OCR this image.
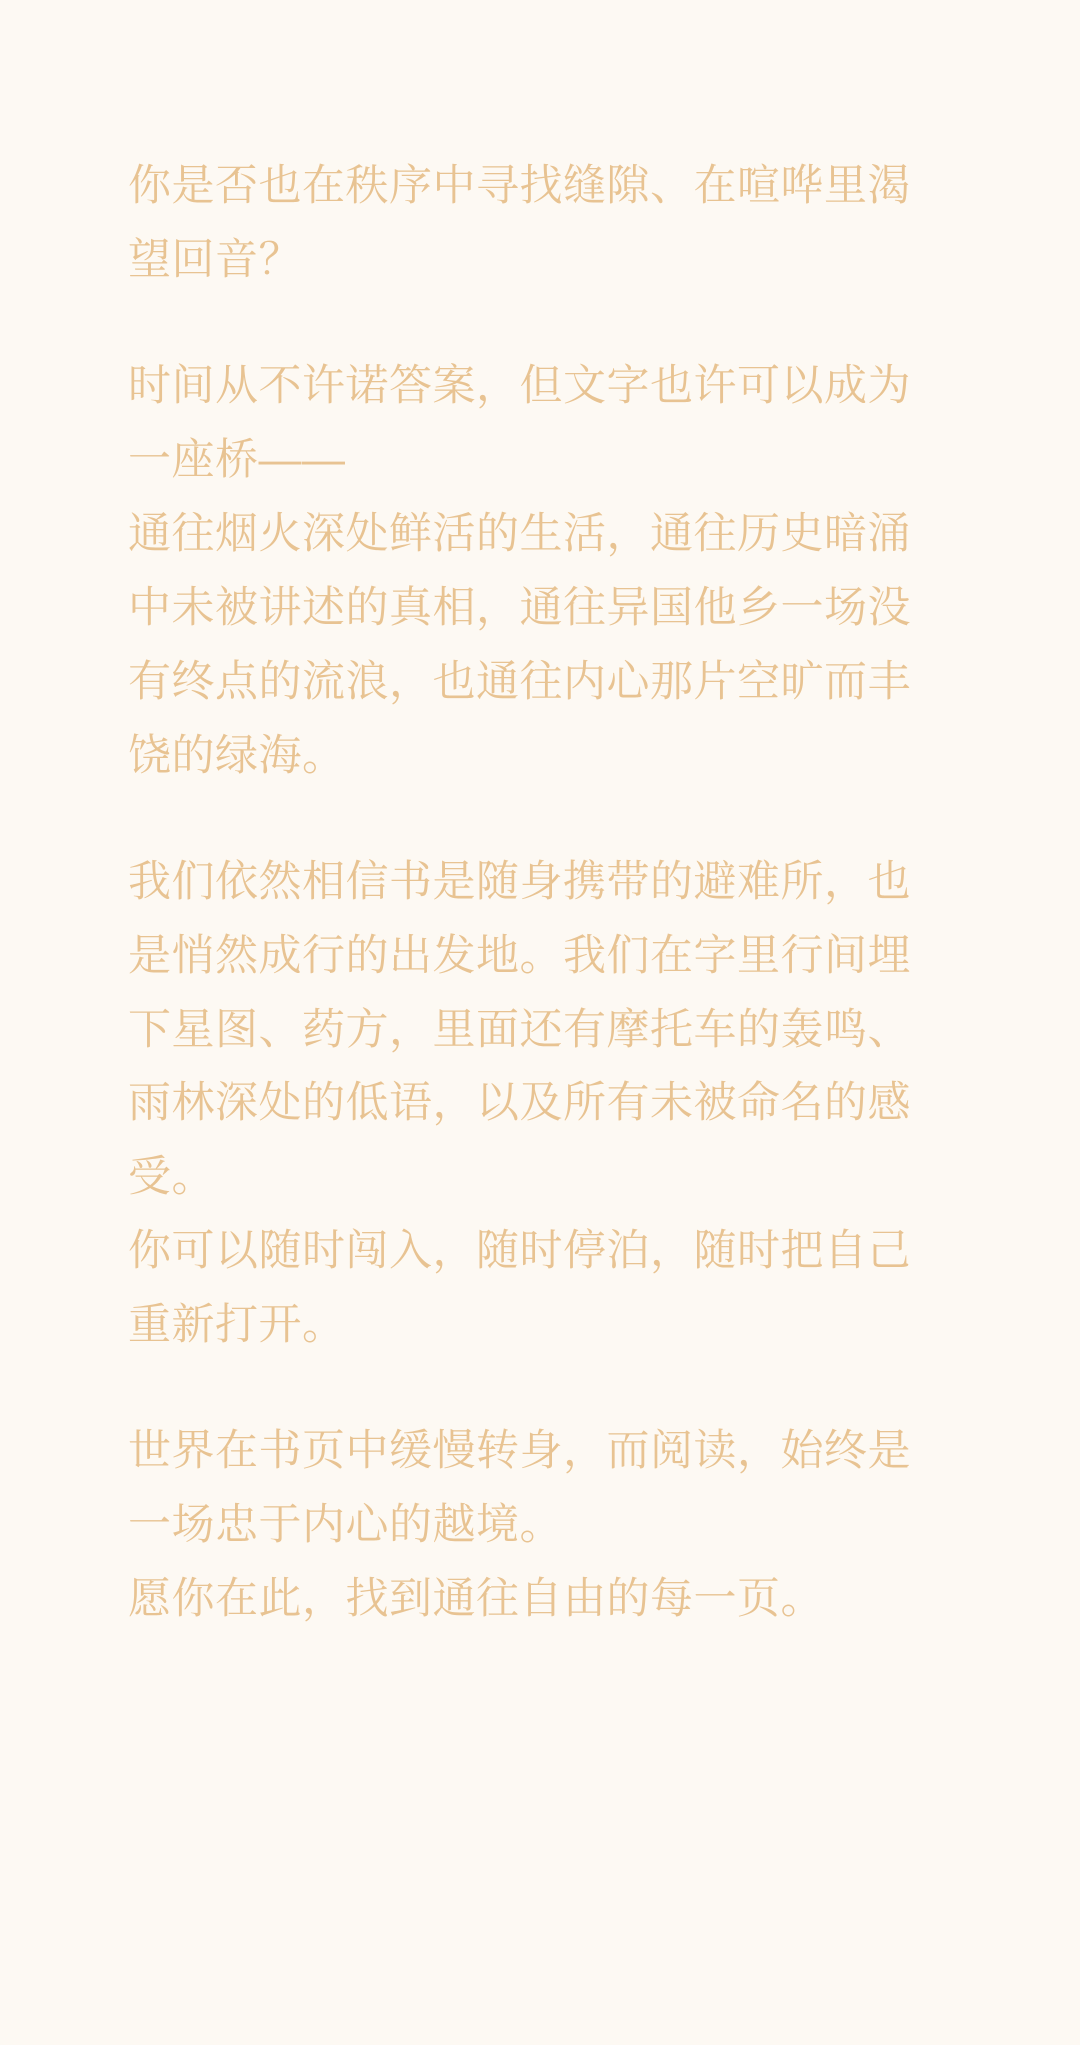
你是否也在秩序中寻找缝隙、在喧哗里渴望回音？

时间从不许诺答案，但文字也许可以成为一座桥——
通往烟火深处鲜活的生活，通往历史暗涌中未被讲述的真相，通往异国他乡一场没有终点的流浪，也通往内心那片空旷而丰饶的绿海。

我们依然相信书是随身携带的避难所，也是悄然成行的出发地。我们在字里行间埋下星图、药方，里面还有摩托车的轰鸣、雨林深处的低语，以及所有未被命名的感受。
你可以随时闯入，随时停泊，随时把自己重新打开。

世界在书页中缓慢转身，而阅读，始终是一场忠于内心的越境。
愿你在此，找到通往自由的每一页。
